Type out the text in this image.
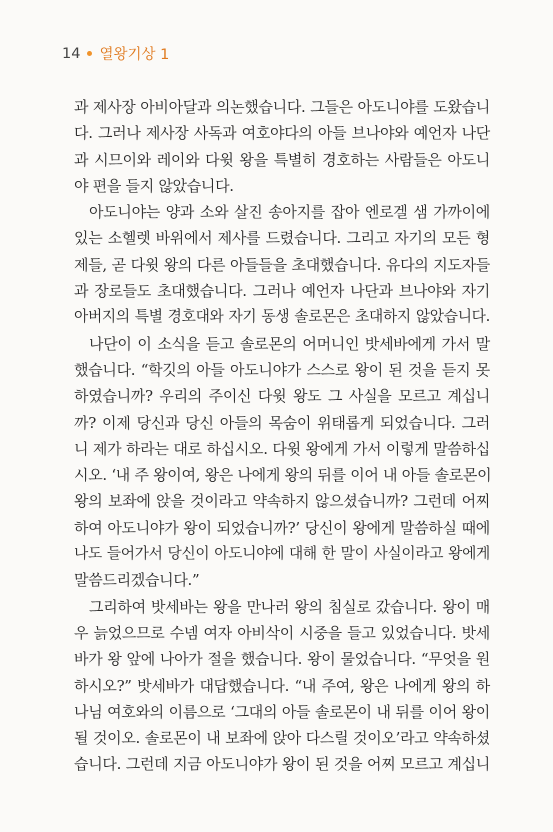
14 열왕기상 1
과 제사장 아비아달과 의논했습니다. 그들은 아도니야를 도왔습니
다. 그러나 제사장 사독과 여호야다의 아들 브나야와 예언자 나단
과 시므이와 레이와 다윗 왕을 특별히 경호하는 사람들은 아도니
야 편을 들지 않았습니다.
아도니야는 양과 소와 살진 송아지를 잡아 엔로겔 샘 가까이에
있는 소헬렛 바위에서 제사를 드렸습니다. 그리고 자기의 모든 형
제들, 곧 다윗 왕의 다른 아들들을 초대했습니다. 유다의 지도자들
과 장로들도 초대했습니다. 그러나 예언자 나단과 브나야와 자기
아버지의 특별 경호대와 자기 동생 솔로몬은 초대하지 않았습니다.
나단이 이 소식을 듣고 솔로몬의 어머니인 밧세바에게 가서 말
했습니다. “학깃의 아들 아도니야가 스스로 왕이 된 것을 듣지 못
하였습니까? 우리의 주이신 다윗 왕도 그 사실을 모르고 계십니
까? 이제 당신과 당신 아들의 목숨이 위태롭게 되었습니다. 그러
니 제가 하라는 대로 하십시오. 다윗 왕에게 가서 이렇게 말씀하십
시오. ‘내 주 왕이여, 왕은 나에게 왕의 뒤를 이어 내 아들 솔로몬이
왕의 보좌에 앉을 것이라고 약속하지 않으셨습니까? 그런데 어찌
하여 아도니야가 왕이 되었습니까?’ 당신이 왕에게 말씀하실 때에
나도 들어가서 당신이 아도니야에 대해 한 말이 사실이라고 왕에게
말씀드리겠습니다.”
그리하여 밧세바는 왕을 만나러 왕의 침실로 갔습니다. 왕이 매
우 늙었으므로 수넴 여자 아비삭이 시중을 들고 있었습니다. 밧세
바가 왕 앞에 나아가 절을 했습니다. 왕이 물었습니다. “무엇을 원
하시오?” 밧세바가 대답했습니다. “내 주여, 왕은 나에게 왕의 하
나님 여호와의 이름으로 ‘그대의 아들 솔로몬이 내 뒤를 이어 왕이
될 것이오. 솔로몬이 내 보좌에 앉아 다스릴 것이오’라고 약속하셨
습니다. 그런데 지금 아도니야가 왕이 된 것을 어찌 모르고 계십니
